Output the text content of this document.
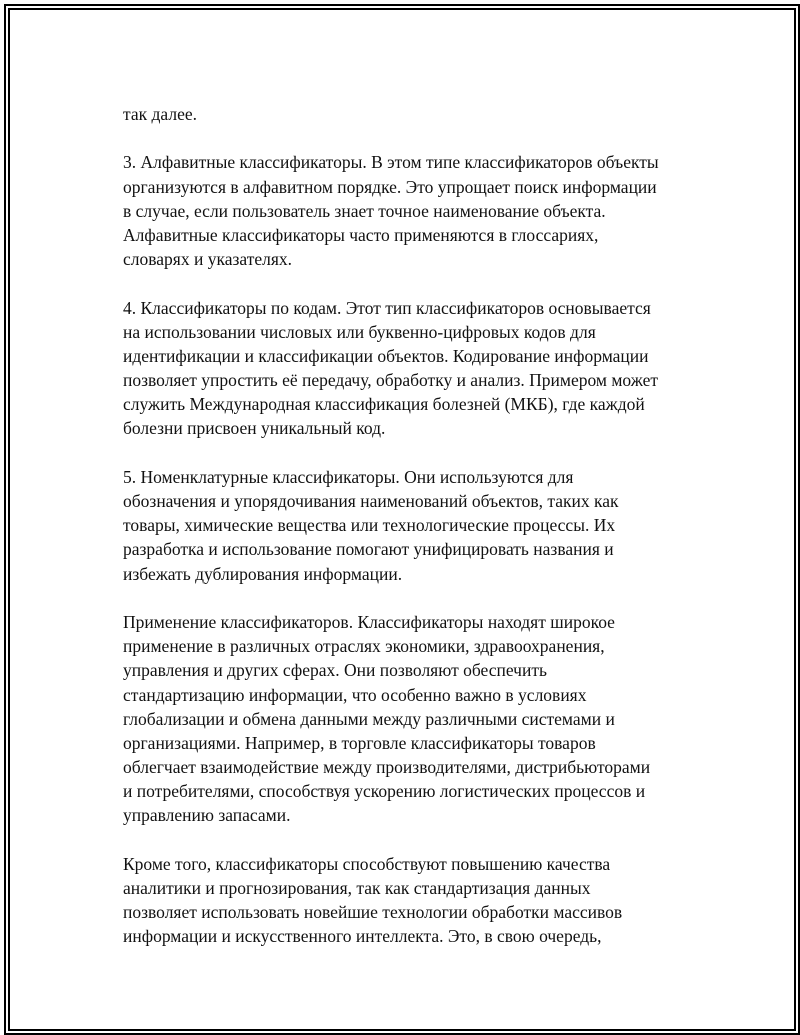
так далее.
3. Алфавитные классификаторы. В этом типе классификаторов объекты
организуются в алфавитном порядке. Это упрощает поиск информации
в случае, если пользователь знает точное наименование объекта.
Алфавитные классификаторы часто применяются в глоссариях,
словарях и указателях.
4. Классификаторы по кодам. Этот тип классификаторов основывается
на использовании числовых или буквенно-цифровых кодов для
идентификации и классификации объектов. Кодирование информации
позволяет упростить её передачу, обработку и анализ. Примером может
служить Международная классификация болезней (МКБ), где каждой
болезни присвоен уникальный код.
5. Номенклатурные классификаторы. Они используются для
обозначения и упорядочивания наименований объектов, таких как
товары, химические вещества или технологические процессы. Их
разработка и использование помогают унифицировать названия и
избежать дублирования информации.
Применение классификаторов. Классификаторы находят широкое
применение в различных отраслях экономики, здравоохранения,
управления и других сферах. Они позволяют обеспечить
стандартизацию информации, что особенно важно в условиях
глобализации и обмена данными между различными системами и
организациями. Например, в торговле классификаторы товаров
облегчает взаимодействие между производителями, дистрибьюторами
и потребителями, способствуя ускорению логистических процессов и
управлению запасами.
Кроме того, классификаторы способствуют повышению качества
аналитики и прогнозирования, так как стандартизация данных
позволяет использовать новейшие технологии обработки массивов
информации и искусственного интеллекта. Это, в свою очередь,
